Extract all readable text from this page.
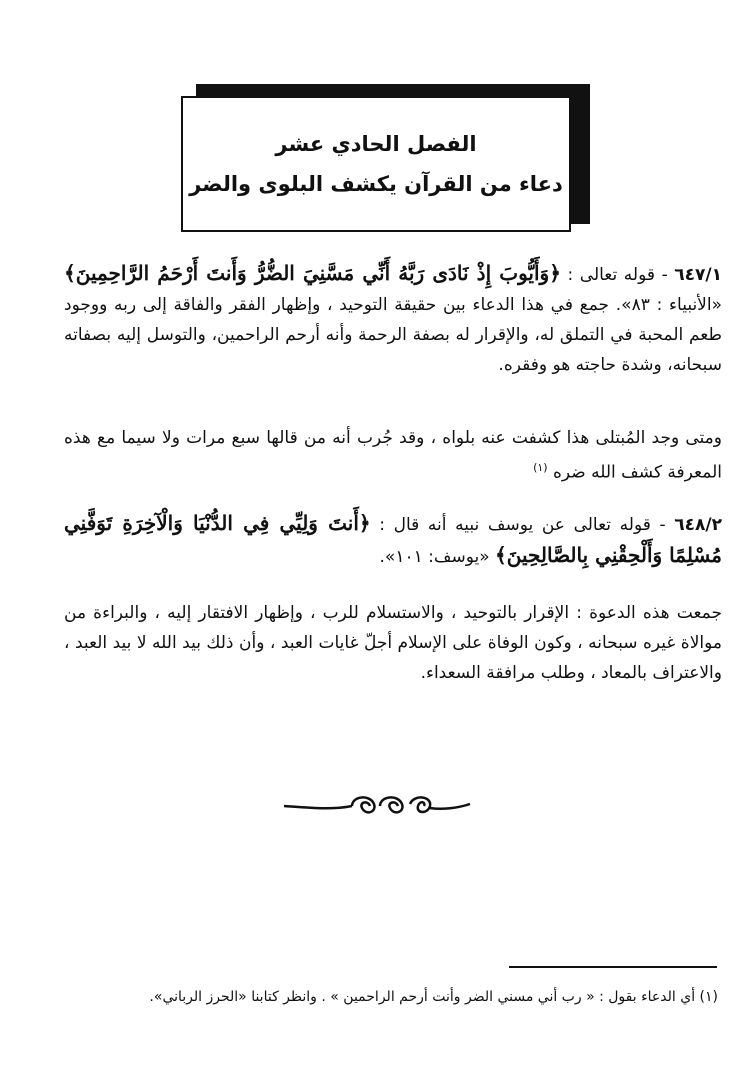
الفصل الحادي عشر
دعاء من القرآن يكشف البلوى والضر
٦٤٧/١ - قوله تعالى : ﴿وَأَيُّوبَ إِذْ نَادَى رَبَّهُ أَنِّي مَسَّنِيَ الضُّرُّ وَأَنتَ أَرْحَمُ الرَّاحِمِينَ﴾ «الأنبياء : ٨٣». جمع في هذا الدعاء بين حقيقة التوحيد ، وإظهار الفقر والفاقة إلى ربه ووجود طعم المحبة في التملق له، والإقرار له بصفة الرحمة وأنه أرحم الراحمين، والتوسل إليه بصفاته سبحانه، وشدة حاجته هو وفقره.
ومتى وجد المُبتلى هذا كشفت عنه بلواه ، وقد جُرب أنه من قالها سبع مرات ولا سيما مع هذه المعرفة كشف الله ضره $^{(١)}$
٦٤٨/٢ - قوله تعالى عن يوسف نبيه أنه قال : ﴿أَنتَ وَلِيِّي فِي الدُّنْيَا وَالْآخِرَةِ تَوَفَّنِي مُسْلِمًا وَأَلْحِقْنِي بِالصَّالِحِينَ﴾ «يوسف: ١٠١».
جمعت هذه الدعوة : الإقرار بالتوحيد ، والاستسلام للرب ، وإظهار الافتقار إليه ، والبراءة من موالاة غيره سبحانه ، وكون الوفاة على الإسلام أجلّ غايات العبد ، وأن ذلك بيد الله لا بيد العبد ، والاعتراف بالمعاد ، وطلب مرافقة السعداء.
(١) أي الدعاء بقول : « رب أني مسني الضر وأنت أرحم الراحمين » . وانظر كتابنا «الحرز الرباني».
